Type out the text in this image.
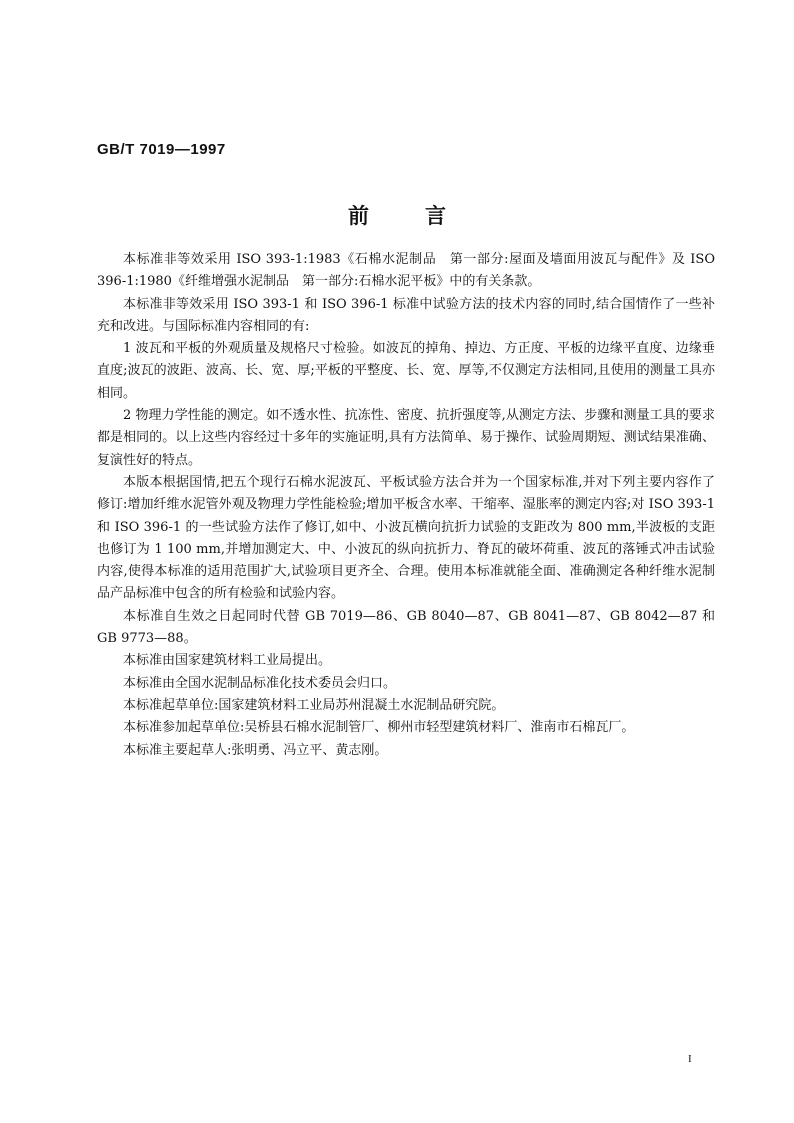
GB/T 7019—1997
前	言

本标准非等效采用 ISO 393-1:1983《石棉水泥制品　第一部分:屋面及墙面用波瓦与配件》及 ISO 396-1:1980《纤维增强水泥制品　第一部分:石棉水泥平板》中的有关条款。

本标准非等效采用 ISO 393-1 和 ISO 396-1 标准中试验方法的技术内容的同时,结合国情作了一些补充和改进。与国际标准内容相同的有:

1 波瓦和平板的外观质量及规格尺寸检验。如波瓦的掉角、掉边、方正度、平板的边缘平直度、边缘垂直度;波瓦的波距、波高、长、宽、厚;平板的平整度、长、宽、厚等,不仅测定方法相同,且使用的测量工具亦相同。

2 物理力学性能的测定。如不透水性、抗冻性、密度、抗折强度等,从测定方法、步骤和测量工具的要求都是相同的。以上这些内容经过十多年的实施证明,具有方法简单、易于操作、试验周期短、测试结果准确、复演性好的特点。

本版本根据国情,把五个现行石棉水泥波瓦、平板试验方法合并为一个国家标准,并对下列主要内容作了修订:增加纤维水泥管外观及物理力学性能检验;增加平板含水率、干缩率、湿胀率的测定内容;对 ISO 393-1 和 ISO 396-1 的一些试验方法作了修订,如中、小波瓦横向抗折力试验的支距改为 800 mm,半波板的支距也修订为 1 100 mm,并增加测定大、中、小波瓦的纵向抗折力、脊瓦的破坏荷重、波瓦的落锤式冲击试验内容,使得本标准的适用范围扩大,试验项目更齐全、合理。使用本标准就能全面、准确测定各种纤维水泥制品产品标准中包含的所有检验和试验内容。

本标准自生效之日起同时代替 GB 7019—86、GB 8040—87、GB 8041—87、GB 8042—87 和 GB 9773—88。

本标准由国家建筑材料工业局提出。

本标准由全国水泥制品标准化技术委员会归口。

本标准起草单位:国家建筑材料工业局苏州混凝土水泥制品研究院。

本标准参加起草单位:吴桥县石棉水泥制管厂、柳州市轻型建筑材料厂、淮南市石棉瓦厂。

本标准主要起草人:张明勇、冯立平、黄志刚。

I
